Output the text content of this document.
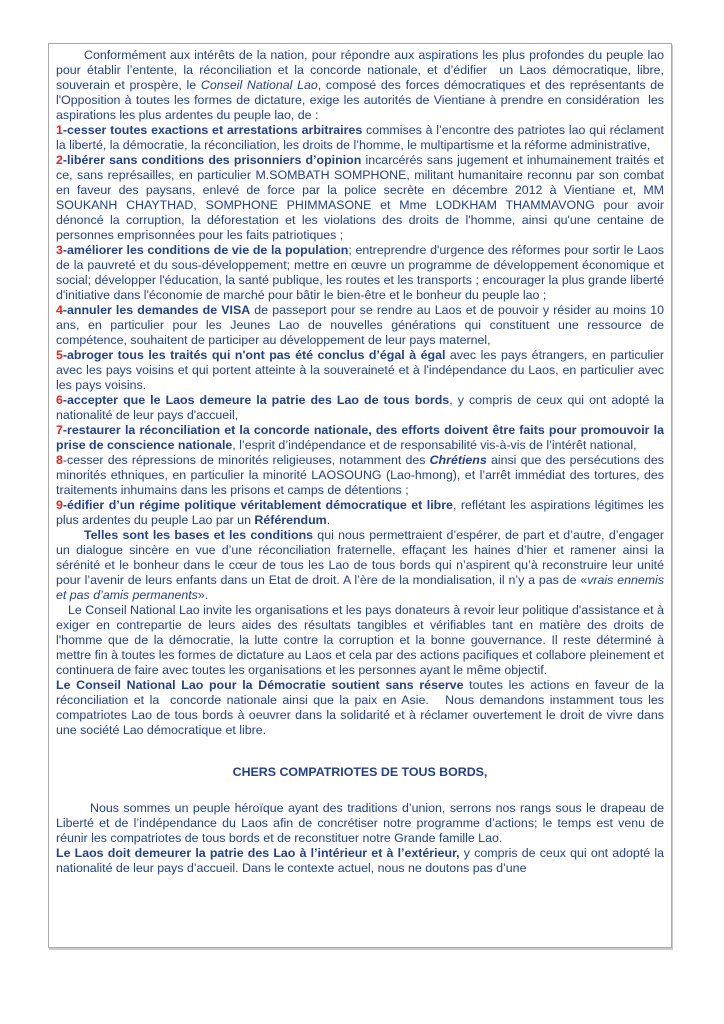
Conformément aux intérêts de la nation, pour répondre aux aspirations les plus profondes du peuple lao pour établir l’entente, la réconciliation et la concorde nationale, et d’édifier  un Laos démocratique, libre, souverain et prospère, le Conseil National Lao, composé des forces démocratiques et des représentants de l'Opposition à toutes les formes de dictature, exige les autorités de Vientiane à prendre en considération  les aspirations les plus ardentes du peuple lao, de :

1-cesser toutes exactions et arrestations arbitraires commises à l’encontre des patriotes lao qui réclament la liberté, la démocratie, la réconciliation, les droits de l’homme, le multipartisme et la réforme administrative,

2-libérer sans conditions des prisonniers d’opinion incarcérés sans jugement et inhumainement traités et ce, sans représailles, en particulier M.SOMBATH SOMPHONE, militant humanitaire reconnu par son combat en faveur des paysans, enlevé de force par la police secrète en décembre 2012 à Vientiane et, MM SOUKANH CHAYTHAD, SOMPHONE PHIMMASONE et Mme LODKHAM THAMMAVONG pour avoir dénoncé la corruption, la déforestation et les violations des droits de l'homme, ainsi qu'une centaine de personnes emprisonnées pour les faits patriotiques ;

3-améliorer les conditions de vie de la population; entreprendre d'urgence des réformes pour sortir le Laos de la pauvreté et du sous-développement; mettre en œuvre un programme de développement économique et social; développer l'éducation, la santé publique, les routes et les transports ; encourager la plus grande liberté d'initiative dans l'économie de marché pour bâtir le bien-être et le bonheur du peuple lao ;

4-annuler les demandes de VISA de passeport pour se rendre au Laos et de pouvoir y résider au moins 10 ans, en particulier pour les Jeunes Lao de nouvelles générations qui constituent une ressource de compétence, souhaitent de participer au développement de leur pays maternel,

5-abroger tous les traités qui n'ont pas été conclus d’égal à égal avec les pays étrangers, en particulier avec les pays voisins et qui portent atteinte à la souveraineté et à l'indépendance du Laos, en particulier avec les pays voisins.

6-accepter que le Laos demeure la patrie des Lao de tous bords, y compris de ceux qui ont adopté la nationalité de leur pays d'accueil,

7-restaurer la réconciliation et la concorde nationale, des efforts doivent être faits pour promouvoir la prise de conscience nationale, l’esprit d’indépendance et de responsabilité vis-à-vis de l’intérêt national,

8-cesser des répressions de minorités religieuses, notamment des Chrétiens ainsi que des persécutions des minorités ethniques, en particulier la minorité LAOSOUNG (Lao-hmong), et l’arrêt immédiat des tortures, des traitements inhumains dans les prisons et camps de détentions ;

9-édifier d’un régime politique véritablement démocratique et libre, reflétant les aspirations légitimes les plus ardentes du peuple Lao par un Référendum.

Telles sont les bases et les conditions qui nous permettraient d’espérer, de part et d’autre, d’engager un dialogue sincère en vue d’une réconciliation fraternelle, effaçant les haines d’hier et ramener ainsi la sérénité et le bonheur dans le cœur de tous les Lao de tous bords qui n’aspirent qu’à reconstruire leur unité pour l’avenir de leurs enfants dans un Etat de droit. A l’ère de la mondialisation, il n’y a pas de «vrais ennemis et pas d’amis permanents».

Le Conseil National Lao invite les organisations et les pays donateurs à revoir leur politique d'assistance et à exiger en contrepartie de leurs aides des résultats tangibles et vérifiables tant en matière des droits de l'homme que de la démocratie, la lutte contre la corruption et la bonne gouvernance. Il reste déterminé à mettre fin à toutes les formes de dictature au Laos et cela par des actions pacifiques et collabore pleinement et continuera de faire avec toutes les organisations et les personnes ayant le même objectif.

Le Conseil National Lao pour la Démocratie soutient sans réserve toutes les actions en faveur de la réconciliation et la  concorde nationale ainsi que la paix en Asie.   Nous demandons instamment tous les compatriotes Lao de tous bords à oeuvrer dans la solidarité et à réclamer ouvertement le droit de vivre dans une société Lao démocratique et libre.

CHERS COMPATRIOTES DE TOUS BORDS,

Nous sommes un peuple héroïque ayant des traditions d’union, serrons nos rangs sous le drapeau de Liberté et de l’indépendance du Laos afin de concrétiser notre programme d’actions; le temps est venu de réunir les compatriotes de tous bords et de reconstituer notre Grande famille Lao.

Le Laos doit demeurer la patrie des Lao à l’intérieur et à l’extérieur, y compris de ceux qui ont adopté la nationalité de leur pays d’accueil. Dans le contexte actuel, nous ne doutons pas d’une
